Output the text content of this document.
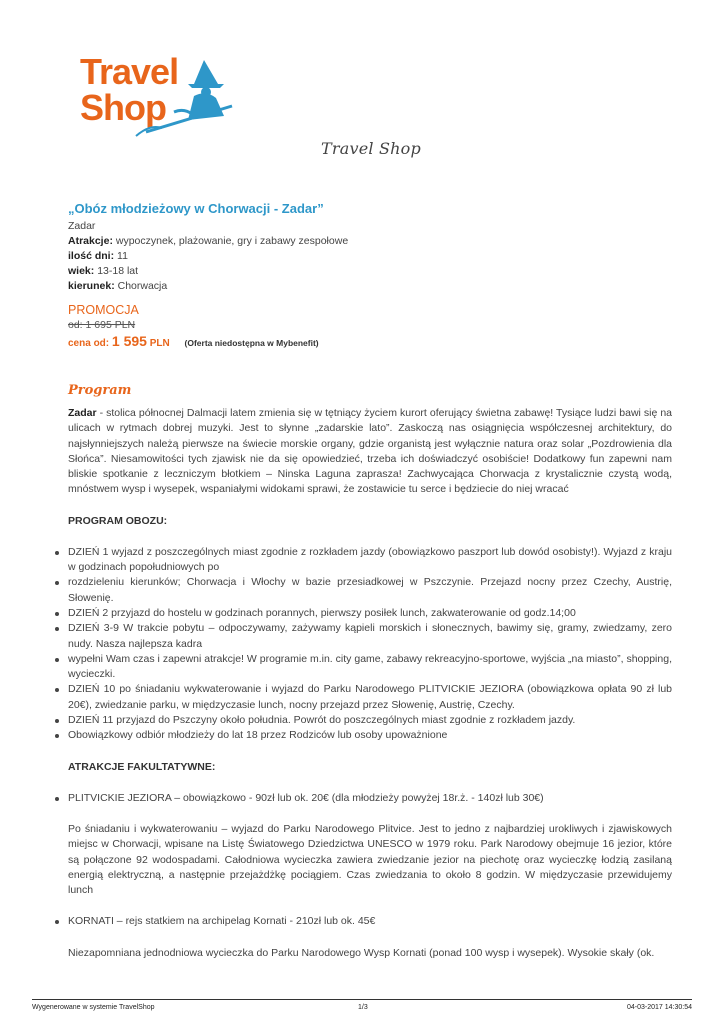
Travel
Shop
Travel Shop
„Obóz młodzieżowy w Chorwacji - Zadar”
Zadar
Atrakcje: wypoczynek, plażowanie, gry i zabawy zespołowe
ilość dni: 11
wiek: 13-18 lat
kierunek: Chorwacja
PROMOCJA
od: 1 695 PLN
cena od: 1 595 PLN (Oferta niedostępna w Mybenefit)
Program
Zadar - stolica północnej Dalmacji latem zmienia się w tętniący życiem kurort oferujący świetna zabawę! Tysiące ludzi bawi się na ulicach w rytmach dobrej muzyki. Jest to słynne „zadarskie lato”. Zaskoczą nas osiągnięcia współczesnej architektury, do najsłynniejszych należą pierwsze na świecie morskie organy, gdzie organistą jest wyłącznie natura oraz solar „Pozdrowienia dla Słońca”. Niesamowitości tych zjawisk nie da się opowiedzieć, trzeba ich doświadczyć osobiście! Dodatkowy fun zapewni nam bliskie spotkanie z leczniczym błotkiem – Ninska Laguna zaprasza! Zachwycająca Chorwacja z krystalicznie czystą wodą, mnóstwem wysp i wysepek, wspaniałymi widokami sprawi, że zostawicie tu serce i będziecie do niej wracać
PROGRAM OBOZU:
DZIEŃ 1 wyjazd z poszczególnych miast zgodnie z rozkładem jazdy (obowiązkowo paszport lub dowód osobisty!). Wyjazd z kraju w godzinach popołudniowych po
rozdzieleniu kierunków; Chorwacja i Włochy w bazie przesiadkowej w Pszczynie. Przejazd nocny przez Czechy, Austrię, Słowenię.
DZIEŃ 2 przyjazd do hostelu w godzinach porannych, pierwszy posiłek lunch, zakwaterowanie od godz.14;00
DZIEŃ 3-9 W trakcie pobytu – odpoczywamy, zażywamy kąpieli morskich i słonecznych, bawimy się, gramy, zwiedzamy, zero nudy. Nasza najlepsza kadra
wypełni Wam czas i zapewni atrakcje! W programie m.in. city game, zabawy rekreacyjno-sportowe, wyjścia „na miasto”, shopping, wycieczki.
DZIEŃ 10 po śniadaniu wykwaterowanie i wyjazd do Parku Narodowego PLITVICKIE JEZIORA (obowiązkowa opłata 90 zł lub 20€), zwiedzanie parku, w międzyczasie lunch, nocny przejazd przez Słowenię, Austrię, Czechy.
DZIEŃ 11 przyjazd do Pszczyny około południa. Powrót do poszczególnych miast zgodnie z rozkładem jazdy.
Obowiązkowy odbiór młodzieży do lat 18 przez Rodziców lub osoby upoważnione
ATRAKCJE FAKULTATYWNE:
PLITVICKIE JEZIORA – obowiązkowo - 90zł lub ok. 20€ (dla młodzieży powyżej 18r.ż. - 140zł lub 30€)
Po śniadaniu i wykwaterowaniu – wyjazd do Parku Narodowego Plitvice. Jest to jedno z najbardziej urokliwych i zjawiskowych miejsc w Chorwacji, wpisane na Listę Światowego Dziedzictwa UNESCO w 1979 roku. Park Narodowy obejmuje 16 jezior, które są połączone 92 wodospadami. Całodniowa wycieczka zawiera zwiedzanie jezior na piechotę oraz wycieczkę łodzią zasilaną energią elektryczną, a następnie przejażdżkę pociągiem. Czas zwiedzania to około 8 godzin. W międzyczasie przewidujemy lunch
KORNATI – rejs statkiem na archipelag Kornati - 210zł lub ok. 45€
Niezapomniana jednodniowa wycieczka do Parku Narodowego Wysp Kornati (ponad 100 wysp i wysepek). Wysokie skały (ok.
Wygenerowane w systemie TravelShop	1/3	04-03-2017 14:30:54
